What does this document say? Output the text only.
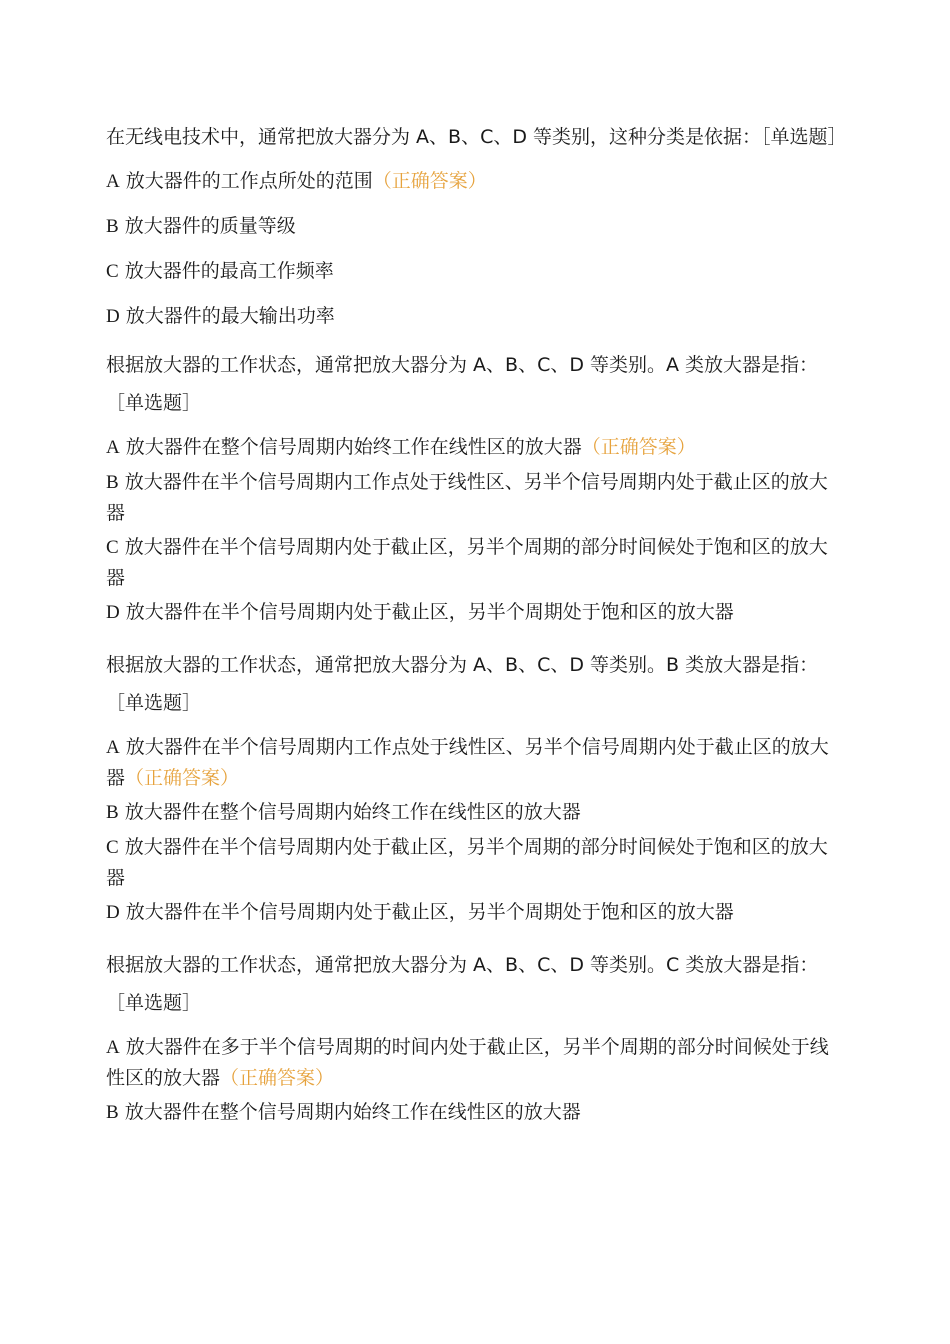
在无线电技术中，通常把放大器分为 A、B、C、D 等类别，这种分类是依据：［单选题］

A 放大器件的工作点所处的范围（正确答案）

B 放大器件的质量等级

C 放大器件的最高工作频率

D 放大器件的最大输出功率

根据放大器的工作状态，通常把放大器分为 A、B、C、D 等类别。A 类放大器是指：［单选题］

A 放大器件在整个信号周期内始终工作在线性区的放大器（正确答案）

B 放大器件在半个信号周期内工作点处于线性区、另半个信号周期内处于截止区的放大器

C 放大器件在半个信号周期内处于截止区，另半个周期的部分时间候处于饱和区的放大器

D 放大器件在半个信号周期内处于截止区，另半个周期处于饱和区的放大器

根据放大器的工作状态，通常把放大器分为 A、B、C、D 等类别。B 类放大器是指：［单选题］

A 放大器件在半个信号周期内工作点处于线性区、另半个信号周期内处于截止区的放大器（正确答案）

B 放大器件在整个信号周期内始终工作在线性区的放大器

C 放大器件在半个信号周期内处于截止区，另半个周期的部分时间候处于饱和区的放大器

D 放大器件在半个信号周期内处于截止区，另半个周期处于饱和区的放大器

根据放大器的工作状态，通常把放大器分为 A、B、C、D 等类别。C 类放大器是指：［单选题］

A 放大器件在多于半个信号周期的时间内处于截止区，另半个周期的部分时间候处于线性区的放大器（正确答案）

B 放大器件在整个信号周期内始终工作在线性区的放大器
